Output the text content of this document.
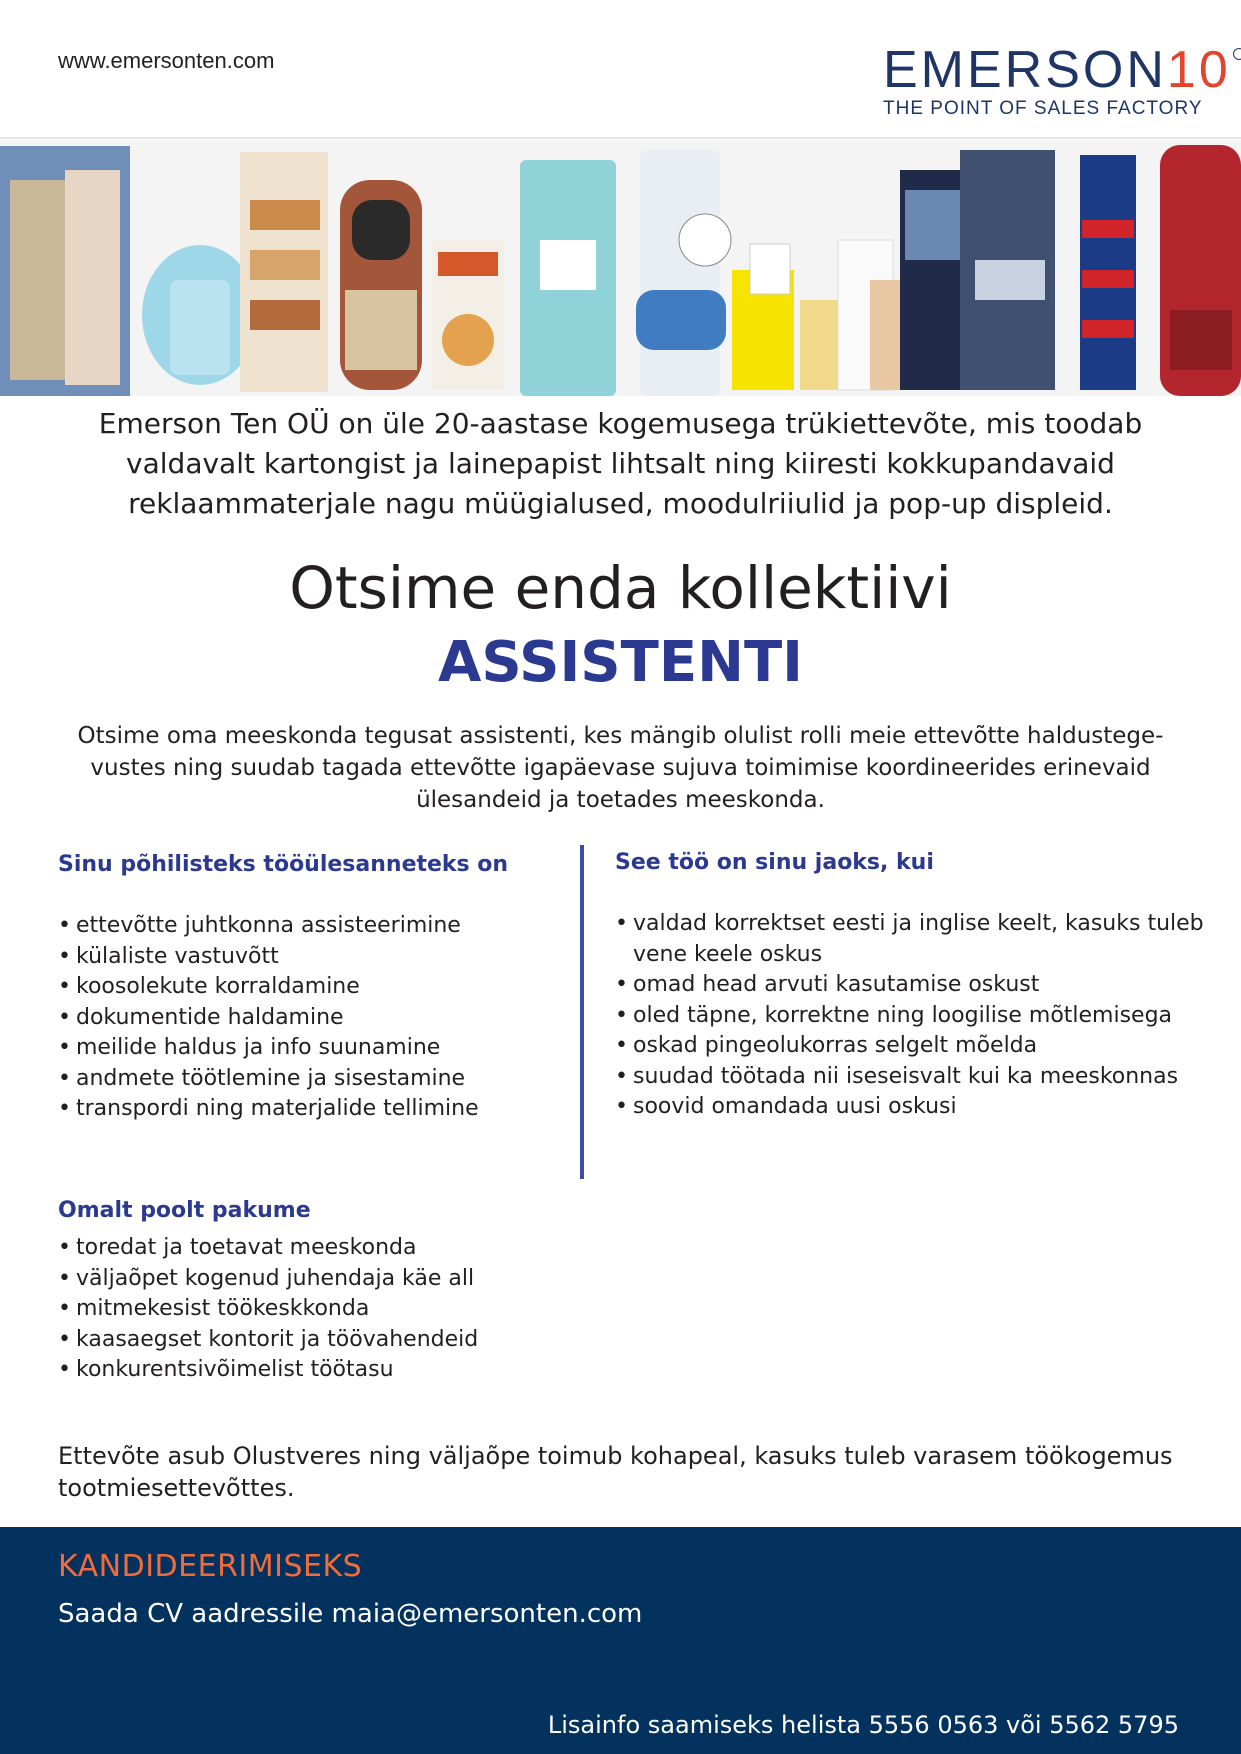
www.emersonten.com	EMERSON10
THE POINT OF SALES FACTORY
Emerson Ten OÜ on üle 20-aastase kogemusega trükiettevõte, mis toodab valdavalt kartongist ja lainepapist lihtsalt ning kiiresti kokkupandavaid reklaammaterjale nagu müügialused, moodulriiulid ja pop-up displeid.
Otsime enda kollektiivi
ASSISTENTI
Otsime oma meeskonda tegusat assistenti, kes mängib olulist rolli meie ettevõtte haldustege-vustes ning suudab tagada ettevõtte igapäevase sujuva toimimise koordineerides erinevaid ülesandeid ja toetades meeskonda.
Sinu põhilisteks tööülesanneteks on
• ettevõtte juhtkonna assisteerimine
• külaliste vastuvõtt
• koosolekute korraldamine
• dokumentide haldamine
• meilide haldus ja info suunamine
• andmete töötlemine ja sisestamine
• transpordi ning materjalide tellimine
See töö on sinu jaoks, kui
• valdad korrektset eesti ja inglise keelt, kasuks tuleb vene keele oskus
• omad head arvuti kasutamise oskust
• oled täpne, korrektne ning loogilise mõtlemisega
• oskad pingeolukorras selgelt mõelda
• suudad töötada nii iseseisvalt kui ka meeskonnas
• soovid omandada uusi oskusi
Omalt poolt pakume
• toredat ja toetavat meeskonda
• väljaõpet kogenud juhendaja käe all
• mitmekesist töökeskkonda
• kaasaegset kontorit ja töövahendeid
• konkurentsivõimelist töötasu
Ettevõte asub Olustveres ning väljaõpe toimub kohapeal, kasuks tuleb varasem töökogemus tootmiesettevõttes.
KANDIDEERIMISEKS
Saada CV aadressile maia@emersonten.com
Lisainfo saamiseks helista 5556 0563 või 5562 5795
